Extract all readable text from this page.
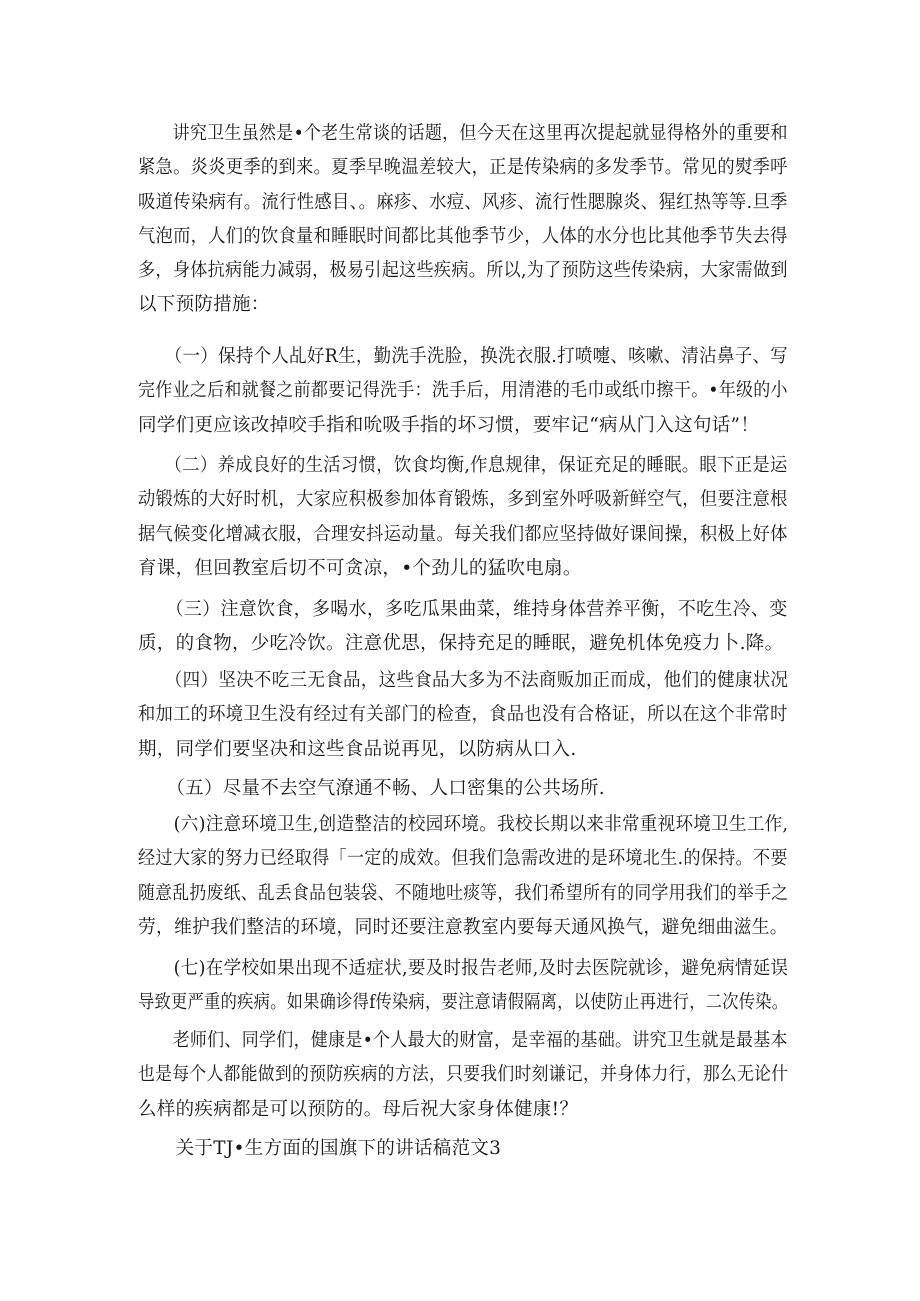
　　讲究卫生虽然是•个老生常谈的话题，但今天在这里再次提起就显得格外的重要和
紧急。炎炎更季的到来。夏季早晚温差较大，正是传染病的多发季节。常见的熨季呼
吸道传染病有。流行性感目、。麻疹、水痘、风疹、流行性腮腺炎、猩红热等等.旦季
气泡而，人们的饮食量和睡眠时间都比其他季节少，人体的水分也比其他季节失去得
多，身体抗病能力减弱，极易引起这些疾病。所以,为了预防这些传染病，大家需做到
以下预防措施：
　　（一）保持个人乩好R生，勤洗手洗脸，换洗衣服.打喷嚏、咳嗽、清沾鼻子、写
完作业之后和就餐之前都要记得洗手：洗手后，用清港的毛巾或纸巾擦干。•年级的小
同学们更应该改掉咬手指和吮吸手指的坏习惯，要牢记“病从门入这句话”！
　　（二）养成良好的生活习惯，饮食均衡,作息规律，保证充足的睡眠。眼下正是运
动锻炼的大好时机，大家应积极参加体育锻炼，多到室外呼吸新鲜空气，但要注意根
据气候变化增减衣服，合理安抖运动量。每关我们都应坚持做好课间操，积极上好体
育课，但回教室后切不可贪凉，•个劲儿的猛吹电扇。
　　（三）注意饮食，多喝水，多吃瓜果曲菜，维持身体营养平衡，不吃生冷、变
质，的食物，少吃冷饮。注意优思，保持充足的睡眠，避免机体免疫力卜.降。
　　（四）坚决不吃三无食品，这些食品大多为不法商贩加正而成，他们的健康状况
和加工的环境卫生没有经过有关部门的检查，食品也没有合格证，所以在这个非常时
期，同学们要坚决和这些食品说再见，以防病从口入.
　　（五）尽量不去空气潦通不畅、人口密集的公共场所.
　　(六)注意环境卫生,创造整洁的校园环境。我校长期以来非常重视环境卫生工作,
经过大家的努力已经取得「一定的成效。但我们急需改进的是环境北生.的保持。不要
随意乱扔废纸、乱丢食品包装袋、不随地吐痰等，我们希望所有的同学用我们的举手之
劳，维护我们整洁的环境，同时还要注意教室内要每天通风换气，避免细曲滋生。
　　(七)在学校如果出现不适症状,要及时报告老师,及时去医院就诊，避免病情延误
导致更严重的疾病。如果确诊得f传染病，要注意请假隔离，以使防止再进行，二次传染。
　　老师们、同学们，健康是•个人最大的财富，是幸福的基础。讲究卫生就是最基本
也是每个人都能做到的预防疾病的方法，只要我们时刻谦记，并身体力行，那么无论什
么样的疾病都是可以预防的。母后祝大家身体健康!？
　　关于TJ•生方面的国旗下的讲话稿范文3
